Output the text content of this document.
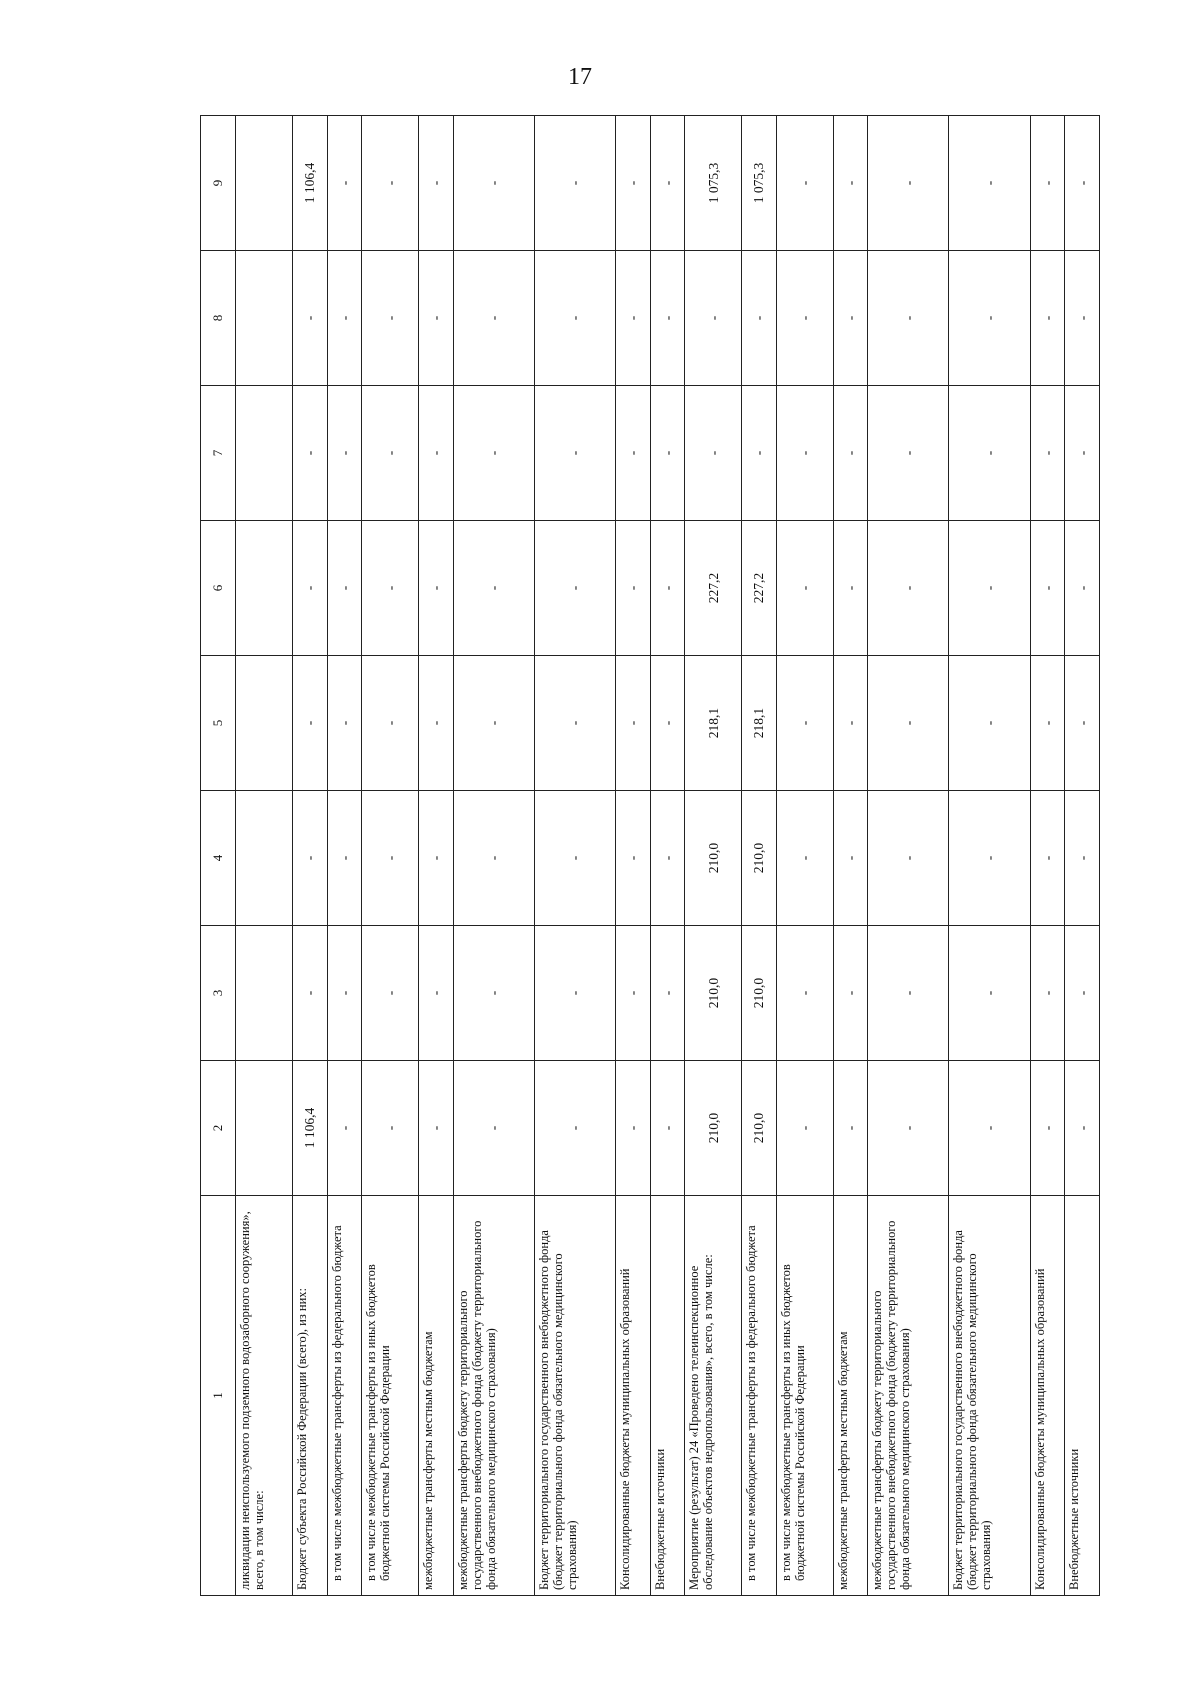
17
1	2	3	4	5	6	7	8	9
ликвидации неиспользуемого подземного водозаборного сооружения», всего, в том числе:								
Бюджет субъекта Российской Федерации (всего), из них:	1 106,4	-	-	-	-	-	-	1 106,4
в том числе межбюджетные трансферты из федерального бюджета	-	-	-	-	-	-	-	-
в том числе межбюджетные трансферты из иных бюджетов бюджетной системы Российской Федерации	-	-	-	-	-	-	-	-
межбюджетные трансферты местным бюджетам	-	-	-	-	-	-	-	-
межбюджетные трансферты бюджету территориального государственного внебюджетного фонда (бюджету территориального фонда обязательного медицинского страхования)	-	-	-	-	-	-	-	-
Бюджет территориального государственного внебюджетного фонда (бюджет территориального фонда обязательного медицинского страхования)	-	-	-	-	-	-	-	-
Консолидированные бюджеты муниципальных образований	-	-	-	-	-	-	-	-
Внебюджетные источники	-	-	-	-	-	-	-	-
Мероприятие (результат) 24 «Проведено телеинспекционное обследование объектов недропользования», всего, в том числе:	210,0	210,0	210,0	218,1	227,2	-	-	1 075,3
в том числе межбюджетные трансферты из федерального бюджета	210,0	210,0	210,0	218,1	227,2	-	-	1 075,3
в том числе межбюджетные трансферты из иных бюджетов бюджетной системы Российской Федерации	-	-	-	-	-	-	-	-
межбюджетные трансферты местным бюджетам	-	-	-	-	-	-	-	-
межбюджетные трансферты бюджету территориального государственного внебюджетного фонда (бюджету территориального фонда обязательного медицинского страхования)	-	-	-	-	-	-	-	-
Бюджет территориального государственного внебюджетного фонда (бюджет территориального фонда обязательного медицинского страхования)	-	-	-	-	-	-	-	-
Консолидированные бюджеты муниципальных образований	-	-	-	-	-	-	-	-
Внебюджетные источники	-	-	-	-	-	-	-	-
